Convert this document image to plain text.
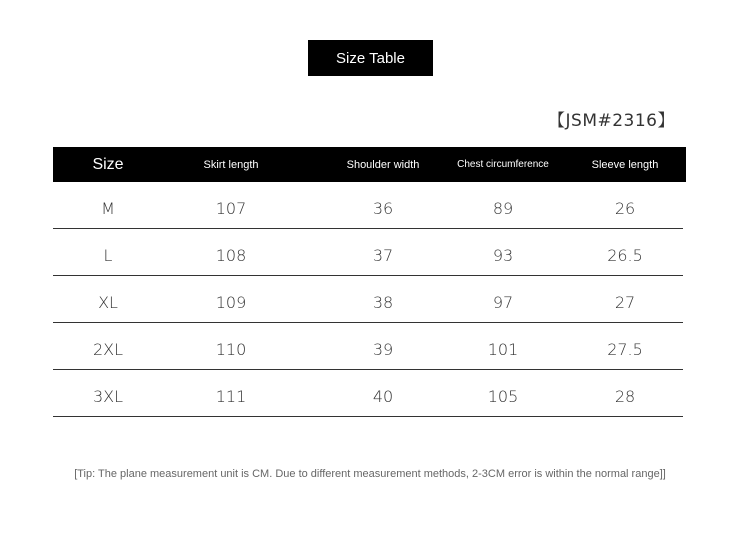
Size Table
【JSM#2316】
Size	Skirt length	Shoulder width	Chest circumference	Sleeve length
M	107	36	89	26
L	108	37	93	26.5
XL	109	38	97	27
2XL	110	39	101	27.5
3XL	111	40	105	28
[Tip: The plane measurement unit is CM. Due to different measurement methods, 2-3CM error is within the normal range]]
